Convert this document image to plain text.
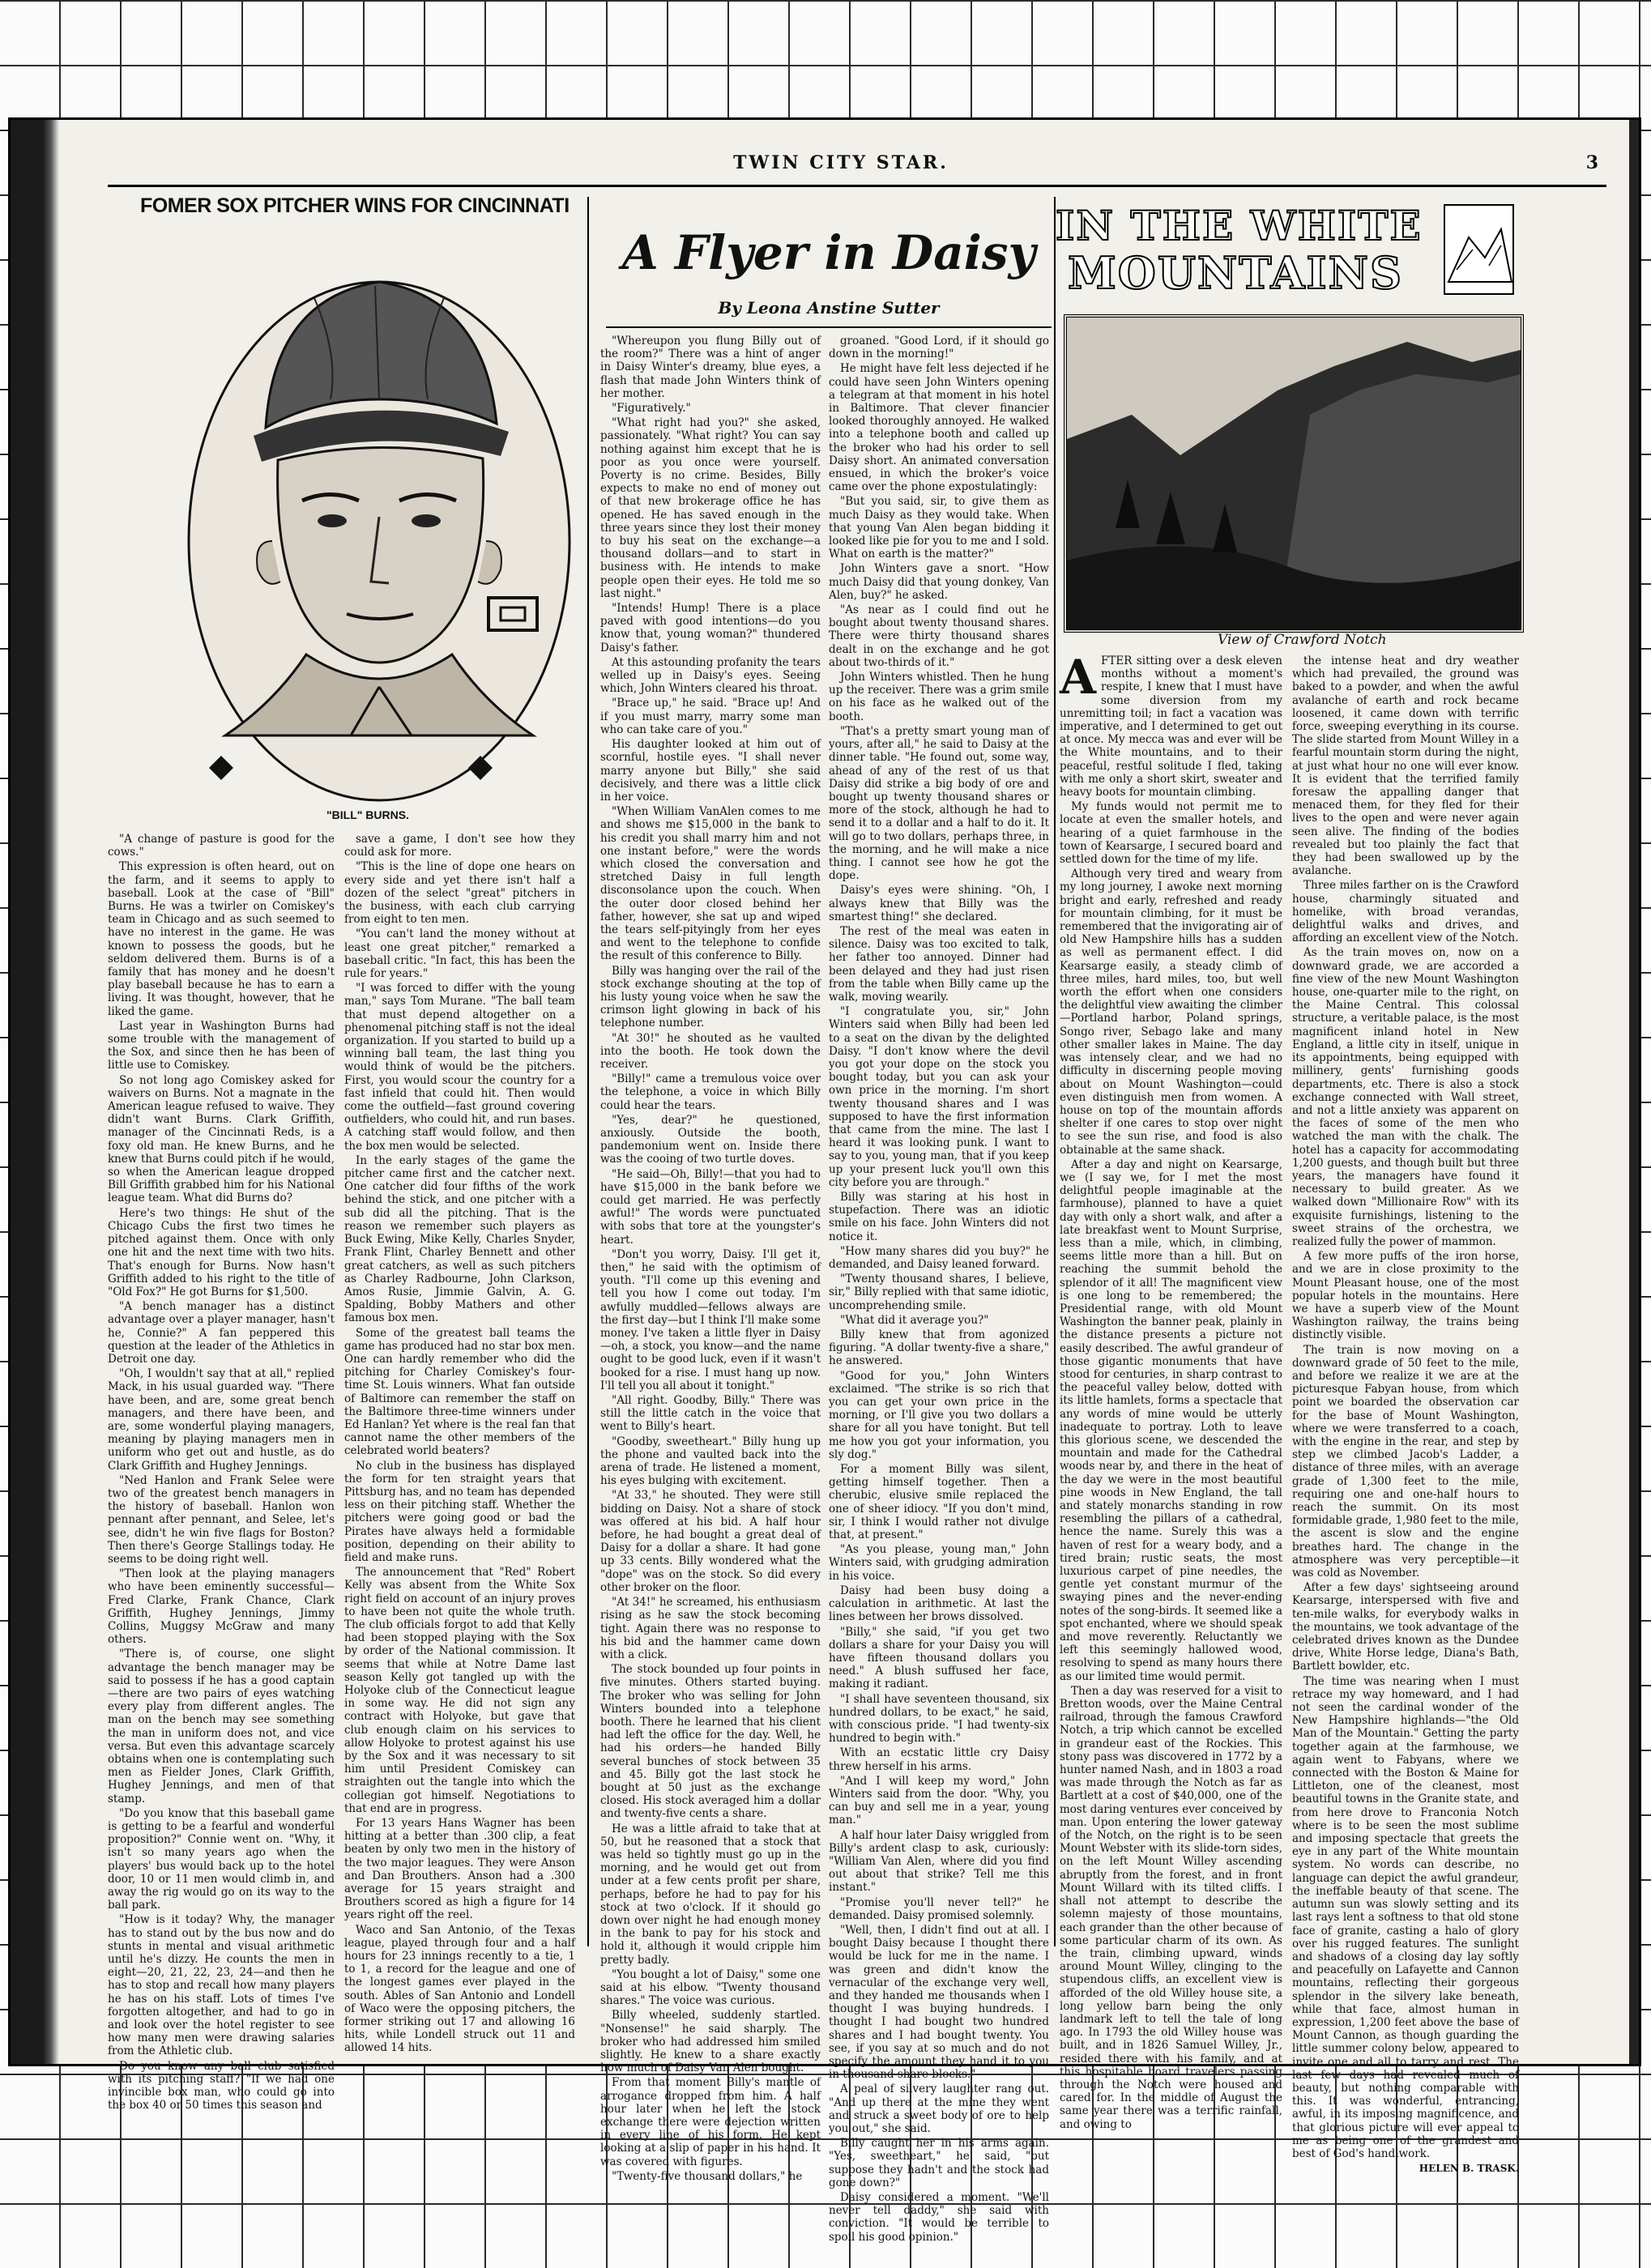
TWIN CITY STAR.	3
FOMER SOX PITCHER WINS FOR CINCINNATI
"BILL" BURNS.

"A change of pasture is good for the cows."

This expression is often heard, out on the farm, and it seems to apply to baseball. Look at the case of "Bill" Burns. He was a twirler on Comiskey's team in Chicago and as such seemed to have no interest in the game. He was known to possess the goods, but he seldom delivered them. Burns is of a family that has money and he doesn't play baseball because he has to earn a living. It was thought, however, that he liked the game.

Last year in Washington Burns had some trouble with the management of the Sox, and since then he has been of little use to Comiskey.

So not long ago Comiskey asked for waivers on Burns. Not a magnate in the American league refused to waive. They didn't want Burns. Clark Griffith, manager of the Cincinnati Reds, is a foxy old man. He knew Burns, and he knew that Burns could pitch if he would, so when the American league dropped Bill Griffith grabbed him for his National league team. What did Burns do?

Here's two things: He shut of the Chicago Cubs the first two times he pitched against them. Once with only one hit and the next time with two hits. That's enough for Burns. Now hasn't Griffith added to his right to the title of "Old Fox?" He got Burns for $1,500.

"A bench manager has a distinct advantage over a player manager, hasn't he, Connie?" A fan peppered this question at the leader of the Athletics in Detroit one day.

"Oh, I wouldn't say that at all," replied Mack, in his usual guarded way. "There have been, and are, some great bench managers, and there have been, and are, some wonderful playing managers, meaning by playing managers men in uniform who get out and hustle, as do Clark Griffith and Hughey Jennings.

"Ned Hanlon and Frank Selee were two of the greatest bench managers in the history of baseball. Hanlon won pennant after pennant, and Selee, let's see, didn't he win five flags for Boston? Then there's George Stallings today. He seems to be doing right well.

"Then look at the playing managers who have been eminently successful—Fred Clarke, Frank Chance, Clark Griffith, Hughey Jennings, Jimmy Collins, Muggsy McGraw and many others.

"There is, of course, one slight advantage the bench manager may be said to possess if he has a good captain—there are two pairs of eyes watching every play from different angles. The man on the bench may see something the man in uniform does not, and vice versa. But even this advantage scarcely obtains when one is contemplating such men as Fielder Jones, Clark Griffith, Hughey Jennings, and men of that stamp.

"Do you know that this baseball game is getting to be a fearful and wonderful proposition?" Connie went on. "Why, it isn't so many years ago when the players' bus would back up to the hotel door, 10 or 11 men would climb in, and away the rig would go on its way to the ball park.

"How is it today? Why, the manager has to stand out by the bus now and do stunts in mental and visual arithmetic until he's dizzy. He counts the men in eight—20, 21, 22, 23, 24—and then he has to stop and recall how many players he has on his staff. Lots of times I've forgotten altogether, and had to go in and look over the hotel register to see how many men were drawing salaries from the Athletic club.

Do you know any ball club satisfied with its pitching staff? "If we had one invincible box man, who could go into the box 40 or 50 times this season and

save a game, I don't see how they could ask for more.

"This is the line of dope one hears on every side and yet there isn't half a dozen of the select "great" pitchers in the business, with each club carrying from eight to ten men.

"You can't land the money without at least one great pitcher," remarked a baseball critic. "In fact, this has been the rule for years."

"I was forced to differ with the young man," says Tom Murane. "The ball team that must depend altogether on a phenomenal pitching staff is not the ideal organization. If you started to build up a winning ball team, the last thing you would think of would be the pitchers. First, you would scour the country for a fast infield that could hit. Then would come the outfield—fast ground covering outfielders, who could hit, and run bases. A catching staff would follow, and then the box men would be selected.

In the early stages of the game the pitcher came first and the catcher next. One catcher did four fifths of the work behind the stick, and one pitcher with a sub did all the pitching. That is the reason we remember such players as Buck Ewing, Mike Kelly, Charles Snyder, Frank Flint, Charley Bennett and other great catchers, as well as such pitchers as Charley Radbourne, John Clarkson, Amos Rusie, Jimmie Galvin, A. G. Spalding, Bobby Mathers and other famous box men.

Some of the greatest ball teams the game has produced had no star box men. One can hardly remember who did the pitching for Charley Comiskey's four-time St. Louis winners. What fan outside of Baltimore can remember the staff on the Baltimore three-time winners under Ed Hanlan? Yet where is the real fan that cannot name the other members of the celebrated world beaters?

No club in the business has displayed the form for ten straight years that Pittsburg has, and no team has depended less on their pitching staff. Whether the pitchers were going good or bad the Pirates have always held a formidable position, depending on their ability to field and make runs.

The announcement that "Red" Robert Kelly was absent from the White Sox right field on account of an injury proves to have been not quite the whole truth. The club officials forgot to add that Kelly had been stopped playing with the Sox by order of the National commission. It seems that while at Notre Dame last season Kelly got tangled up with the Holyoke club of the Connecticut league in some way. He did not sign any contract with Holyoke, but gave that club enough claim on his services to allow Holyoke to protest against his use by the Sox and it was necessary to sit him until President Comiskey can straighten out the tangle into which the collegian got himself. Negotiations to that end are in progress.

For 13 years Hans Wagner has been hitting at a better than .300 clip, a feat beaten by only two men in the history of the two major leagues. They were Anson and Dan Brouthers. Anson had a .300 average for 15 years straight and Brouthers scored as high a figure for 14 years right off the reel.

Waco and San Antonio, of the Texas league, played through four and a half hours for 23 innings recently to a tie, 1 to 1, a record for the league and one of the longest games ever played in the south. Ables of San Antonio and Londell of Waco were the opposing pitchers, the former striking out 17 and allowing 16 hits, while Londell struck out 11 and allowed 14 hits.

A Flyer in Daisy
By Leona Anstine Sutter

"Whereupon you flung Billy out of the room?" There was a hint of anger in Daisy Winter's dreamy, blue eyes, a flash that made John Winters think of her mother.

"Figuratively."

"What right had you?" she asked, passionately. "What right? You can say nothing against him except that he is poor as you once were yourself. Poverty is no crime. Besides, Billy expects to make no end of money out of that new brokerage office he has opened. He has saved enough in the three years since they lost their money to buy his seat on the exchange—a thousand dollars—and to start in business with. He intends to make people open their eyes. He told me so last night."

"Intends! Hump! There is a place paved with good intentions—do you know that, young woman?" thundered Daisy's father.

At this astounding profanity the tears welled up in Daisy's eyes. Seeing which, John Winters cleared his throat.

"Brace up," he said. "Brace up! And if you must marry, marry some man who can take care of you."

His daughter looked at him out of scornful, hostile eyes. "I shall never marry anyone but Billy," she said decisively, and there was a little click in her voice.

"When William VanAlen comes to me and shows me $15,000 in the bank to his credit you shall marry him and not one instant before," were the words which closed the conversation and stretched Daisy in full length disconsolance upon the couch. When the outer door closed behind her father, however, she sat up and wiped the tears self-pityingly from her eyes and went to the telephone to confide the result of this conference to Billy.

Billy was hanging over the rail of the stock exchange shouting at the top of his lusty young voice when he saw the crimson light glowing in back of his telephone number.

"At 30!" he shouted as he vaulted into the booth. He took down the receiver.

"Billy!" came a tremulous voice over the telephone, a voice in which Billy could hear the tears.

"Yes, dear?" he questioned, anxiously. Outside the booth, pandemonium went on. Inside there was the cooing of two turtle doves.

"He said—Oh, Billy!—that you had to have $15,000 in the bank before we could get married. He was perfectly awful!" The words were punctuated with sobs that tore at the youngster's heart.

"Don't you worry, Daisy. I'll get it, then," he said with the optimism of youth. "I'll come up this evening and tell you how I come out today. I'm awfully muddled—fellows always are the first day—but I think I'll make some money. I've taken a little flyer in Daisy—oh, a stock, you know—and the name ought to be good luck, even if it wasn't booked for a rise. I must hang up now. I'll tell you all about it tonight."

"All right. Goodby, Billy." There was still the little catch in the voice that went to Billy's heart.

"Goodby, sweetheart." Billy hung up the phone and vaulted back into the arena of trade. He listened a moment, his eyes bulging with excitement.

"At 33," he shouted. They were still bidding on Daisy. Not a share of stock was offered at his bid. A half hour before, he had bought a great deal of Daisy for a dollar a share. It had gone up 33 cents. Billy wondered what the "dope" was on the stock. So did every other broker on the floor.

"At 34!" he screamed, his enthusiasm rising as he saw the stock becoming tight. Again there was no response to his bid and the hammer came down with a click.

The stock bounded up four points in five minutes. Others started buying. The broker who was selling for John Winters bounded into a telephone booth. There he learned that his client had left the office for the day. Well, he had his orders—he handed Billy several bunches of stock between 35 and 45. Billy got the last stock he bought at 50 just as the exchange closed. His stock averaged him a dollar and twenty-five cents a share.

He was a little afraid to take that at 50, but he reasoned that a stock that was held so tightly must go up in the morning, and he would get out from under at a few cents profit per share, perhaps, before he had to pay for his stock at two o'clock. If it should go down over night he had enough money in the bank to pay for his stock and hold it, although it would cripple him pretty badly.

"You bought a lot of Daisy," some one said at his elbow. "Twenty thousand shares." The voice was curious.

Billy wheeled, suddenly startled. "Nonsense!" he said sharply. The broker who had addressed him smiled slightly. He knew to a share exactly how much of Daisy Van Alen bought.

From that moment Billy's mantle of arrogance dropped from him. A half hour later when he left the stock exchange there were dejection written in every line of his form. He kept looking at a slip of paper in his hand. It was covered with figures.

"Twenty-five thousand dollars," he

groaned. "Good Lord, if it should go down in the morning!"

He might have felt less dejected if he could have seen John Winters opening a telegram at that moment in his hotel in Baltimore. That clever financier looked thoroughly annoyed. He walked into a telephone booth and called up the broker who had his order to sell Daisy short. An animated conversation ensued, in which the broker's voice came over the phone expostulatingly:

"But you said, sir, to give them as much Daisy as they would take. When that young Van Alen began bidding it looked like pie for you to me and I sold. What on earth is the matter?"

John Winters gave a snort. "How much Daisy did that young donkey, Van Alen, buy?" he asked.

"As near as I could find out he bought about twenty thousand shares. There were thirty thousand shares dealt in on the exchange and he got about two-thirds of it."

John Winters whistled. Then he hung up the receiver. There was a grim smile on his face as he walked out of the booth.

"That's a pretty smart young man of yours, after all," he said to Daisy at the dinner table. "He found out, some way, ahead of any of the rest of us that Daisy did strike a big body of ore and bought up twenty thousand shares or more of the stock, although he had to send it to a dollar and a half to do it. It will go to two dollars, perhaps three, in the morning, and he will make a nice thing. I cannot see how he got the dope.

Daisy's eyes were shining. "Oh, I always knew that Billy was the smartest thing!" she declared.

The rest of the meal was eaten in silence. Daisy was too excited to talk, her father too annoyed. Dinner had been delayed and they had just risen from the table when Billy came up the walk, moving wearily.

"I congratulate you, sir," John Winters said when Billy had been led to a seat on the divan by the delighted Daisy. "I don't know where the devil you got your dope on the stock you bought today, but you can ask your own price in the morning. I'm short twenty thousand shares and I was supposed to have the first information that came from the mine. The last I heard it was looking punk. I want to say to you, young man, that if you keep up your present luck you'll own this city before you are through."

Billy was staring at his host in stupefaction. There was an idiotic smile on his face. John Winters did not notice it.

"How many shares did you buy?" he demanded, and Daisy leaned forward.

"Twenty thousand shares, I believe, sir," Billy replied with that same idiotic, uncomprehending smile.

"What did it average you?"

Billy knew that from agonized figuring. "A dollar twenty-five a share," he answered.

"Good for you," John Winters exclaimed. "The strike is so rich that you can get your own price in the morning, or I'll give you two dollars a share for all you have tonight. But tell me how you got your information, you sly dog."

For a moment Billy was silent, getting himself together. Then a cherubic, elusive smile replaced the one of sheer idiocy. "If you don't mind, sir, I think I would rather not divulge that, at present."

"As you please, young man," John Winters said, with grudging admiration in his voice.

Daisy had been busy doing a calculation in arithmetic. At last the lines between her brows dissolved.

"Billy," she said, "if you get two dollars a share for your Daisy you will have fifteen thousand dollars you need." A blush suffused her face, making it radiant.

"I shall have seventeen thousand, six hundred dollars, to be exact," he said, with conscious pride. "I had twenty-six hundred to begin with."

With an ecstatic little cry Daisy threw herself in his arms.

"And I will keep my word," John Winters said from the door. "Why, you can buy and sell me in a year, young man."

A half hour later Daisy wriggled from Billy's ardent clasp to ask, curiously: "William Van Alen, where did you find out about that strike? Tell me this instant."

"Promise you'll never tell?" he demanded. Daisy promised solemnly.

"Well, then, I didn't find out at all. I bought Daisy because I thought there would be luck for me in the name. I was green and didn't know the vernacular of the exchange very well, and they handed me thousands when I thought I was buying hundreds. I thought I had bought two hundred shares and I had bought twenty. You see, if you say at so much and do not specify the amount they hand it to you in thousand share blocks."

A peal of silvery laughter rang out. "And up there at the mine they went and struck a sweet body of ore to help you out," she said.

Billy caught her in his arms again. "Yes, sweetheart," he said, "but suppose they hadn't and the stock had gone down?"

Daisy considered a moment. "We'll never tell daddy," she said with conviction. "It would be terrible to spoil his good opinion."

IN THE WHITE
MOUNTAINS
View of Crawford Notch

AFTER sitting over a desk eleven months without a moment's respite, I knew that I must have some diversion from my unremitting toil; in fact a vacation was imperative, and I determined to get out at once. My mecca was and ever will be the White mountains, and to their peaceful, restful solitude I fled, taking with me only a short skirt, sweater and heavy boots for mountain climbing.

My funds would not permit me to locate at even the smaller hotels, and hearing of a quiet farmhouse in the town of Kearsarge, I secured board and settled down for the time of my life.

Although very tired and weary from my long journey, I awoke next morning bright and early, refreshed and ready for mountain climbing, for it must be remembered that the invigorating air of old New Hampshire hills has a sudden as well as permanent effect. I did Kearsarge easily, a steady climb of three miles, hard miles, too, but well worth the effort when one considers the delightful view awaiting the climber—Portland harbor, Poland springs, Songo river, Sebago lake and many other smaller lakes in Maine. The day was intensely clear, and we had no difficulty in discerning people moving about on Mount Washington—could even distinguish men from women. A house on top of the mountain affords shelter if one cares to stop over night to see the sun rise, and food is also obtainable at the same shack.

After a day and night on Kearsarge, we (I say we, for I met the most delightful people imaginable at the farmhouse), planned to have a quiet day with only a short walk, and after a late breakfast went to Mount Surprise, less than a mile, which, in climbing, seems little more than a hill. But on reaching the summit behold the splendor of it all! The magnificent view is one long to be remembered; the Presidential range, with old Mount Washington the banner peak, plainly in the distance presents a picture not easily described. The awful grandeur of those gigantic monuments that have stood for centuries, in sharp contrast to the peaceful valley below, dotted with its little hamlets, forms a spectacle that any words of mine would be utterly inadequate to portray. Loth to leave this glorious scene, we descended the mountain and made for the Cathedral woods near by, and there in the heat of the day we were in the most beautiful pine woods in New England, the tall and stately monarchs standing in row resembling the pillars of a cathedral, hence the name. Surely this was a haven of rest for a weary body, and a tired brain; rustic seats, the most luxurious carpet of pine needles, the gentle yet constant murmur of the swaying pines and the never-ending notes of the song-birds. It seemed like a spot enchanted, where we should speak and move reverently. Reluctantly we left this seemingly hallowed wood, resolving to spend as many hours there as our limited time would permit.

Then a day was reserved for a visit to Bretton woods, over the Maine Central railroad, through the famous Crawford Notch, a trip which cannot be excelled in grandeur east of the Rockies. This stony pass was discovered in 1772 by a hunter named Nash, and in 1803 a road was made through the Notch as far as Bartlett at a cost of $40,000, one of the most daring ventures ever conceived by man. Upon entering the lower gateway of the Notch, on the right is to be seen Mount Webster with its slide-torn sides, on the left Mount Willey ascending abruptly from the forest, and in front Mount Willard with its tilted cliffs. I shall not attempt to describe the solemn majesty of those mountains, each grander than the other because of some particular charm of its own. As the train, climbing upward, winds around Mount Willey, clinging to the stupendous cliffs, an excellent view is afforded of the old Willey house site, a long yellow barn being the only landmark left to tell the tale of long ago. In 1793 the old Willey house was built, and in 1826 Samuel Willey, Jr., resided there with his family, and at this hospitable board travelers passing through the Notch were housed and cared for. In the middle of August the same year there was a terrific rainfall, and owing to

the intense heat and dry weather which had prevailed, the ground was baked to a powder, and when the awful avalanche of earth and rock became loosened, it came down with terrific force, sweeping everything in its course. The slide started from Mount Willey in a fearful mountain storm during the night, at just what hour no one will ever know. It is evident that the terrified family foresaw the appalling danger that menaced them, for they fled for their lives to the open and were never again seen alive. The finding of the bodies revealed but too plainly the fact that they had been swallowed up by the avalanche.

Three miles farther on is the Crawford house, charmingly situated and homelike, with broad verandas, delightful walks and drives, and affording an excellent view of the Notch.

As the train moves on, now on a downward grade, we are accorded a fine view of the new Mount Washington house, one-quarter mile to the right, on the Maine Central. This colossal structure, a veritable palace, is the most magnificent inland hotel in New England, a little city in itself, unique in its appointments, being equipped with millinery, gents' furnishing goods departments, etc. There is also a stock exchange connected with Wall street, and not a little anxiety was apparent on the faces of some of the men who watched the man with the chalk. The hotel has a capacity for accommodating 1,200 guests, and though built but three years, the managers have found it necessary to build greater. As we walked down "Millionaire Row" with its exquisite furnishings, listening to the sweet strains of the orchestra, we realized fully the power of mammon.

A few more puffs of the iron horse, and we are in close proximity to the Mount Pleasant house, one of the most popular hotels in the mountains. Here we have a superb view of the Mount Washington railway, the trains being distinctly visible.

The train is now moving on a downward grade of 50 feet to the mile, and before we realize it we are at the picturesque Fabyan house, from which point we boarded the observation car for the base of Mount Washington, where we were transferred to a coach, with the engine in the rear, and step by step we climbed Jacob's Ladder, a distance of three miles, with an average grade of 1,300 feet to the mile, requiring one and one-half hours to reach the summit. On its most formidable grade, 1,980 feet to the mile, the ascent is slow and the engine breathes hard. The change in the atmosphere was very perceptible—it was cold as November.

After a few days' sightseeing around Kearsarge, interspersed with five and ten-mile walks, for everybody walks in the mountains, we took advantage of the celebrated drives known as the Dundee drive, White Horse ledge, Diana's Bath, Bartlett bowlder, etc.

The time was nearing when I must retrace my way homeward, and I had not seen the cardinal wonder of the New Hampshire highlands—"the Old Man of the Mountain." Getting the party together again at the farmhouse, we again went to Fabyans, where we connected with the Boston & Maine for Littleton, one of the cleanest, most beautiful towns in the Granite state, and from here drove to Franconia Notch where is to be seen the most sublime and imposing spectacle that greets the eye in any part of the White mountain system. No words can describe, no language can depict the awful grandeur, the ineffable beauty of that scene. The autumn sun was slowly setting and its last rays lent a softness to that old stone face of granite, casting a halo of glory over his rugged features. The sunlight and shadows of a closing day lay softly and peacefully on Lafayette and Cannon mountains, reflecting their gorgeous splendor in the silvery lake beneath, while that face, almost human in expression, 1,200 feet above the base of Mount Cannon, as though guarding the little summer colony below, appeared to invite one and all to tarry and rest. The last few days had revealed much of beauty, but nothing comparable with this. It was wonderful, entrancing, awful, in its imposing magnificence, and that glorious picture will ever appeal to me as being one of the grandest and best of God's handiwork.

HELEN B. TRASK.
